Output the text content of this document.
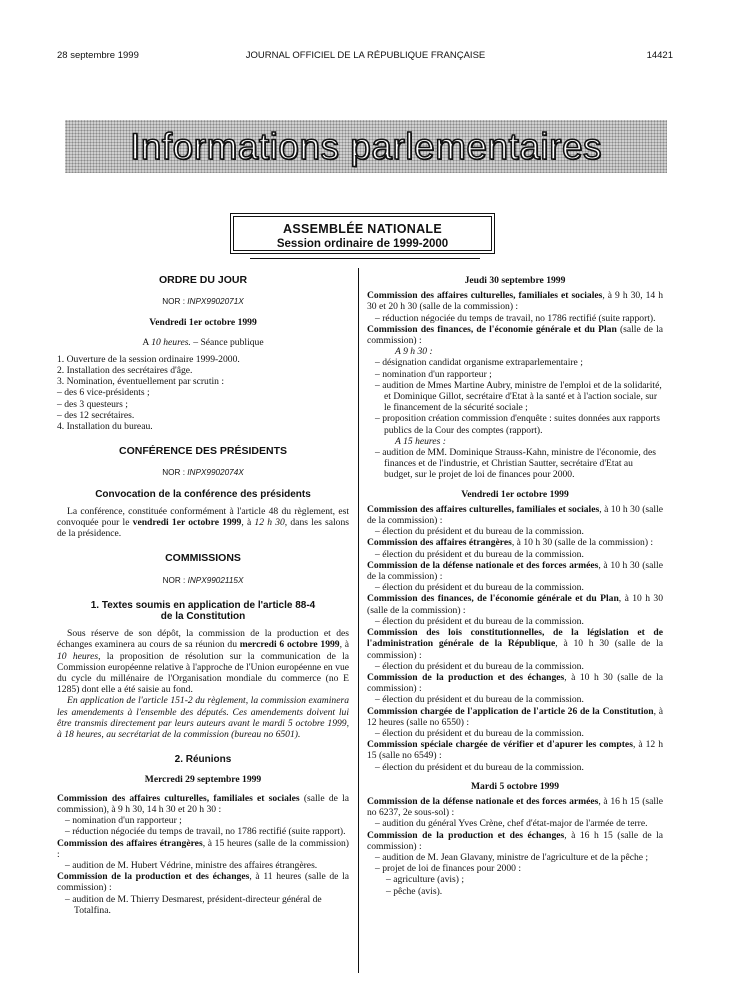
28 septembre 1999	JOURNAL OFFICIEL DE LA RÉPUBLIQUE FRANÇAISE	14421
Informations parlementaires
ASSEMBLÉE NATIONALE
Session ordinaire de 1999-2000

ORDRE DU JOUR

NOR : INPX9902071X

Vendredi 1er octobre 1999

A 10 heures. – Séance publique

1. Ouverture de la session ordinaire 1999-2000.

2. Installation des secrétaires d'âge.

3. Nomination, éventuellement par scrutin :

– des 6 vice-présidents ;

– des 3 questeurs ;

– des 12 secrétaires.

4. Installation du bureau.

CONFÉRENCE DES PRÉSIDENTS

NOR : INPX9902074X

Convocation de la conférence des présidents

La conférence, constituée conformément à l'article 48 du règlement, est convoquée pour le vendredi 1er octobre 1999, à 12 h 30, dans les salons de la présidence.

COMMISSIONS

NOR : INPX9902115X

1. Textes soumis en application de l'article 88-4

de la Constitution

Sous réserve de son dépôt, la commission de la production et des échanges examinera au cours de sa réunion du mercredi 6 octobre 1999, à 10 heures, la proposition de résolution sur la communication de la Commission européenne relative à l'approche de l'Union européenne en vue du cycle du millénaire de l'Organisation mondiale du commerce (no E 1285) dont elle a été saisie au fond.

En application de l'article 151-2 du règlement, la commission examinera les amendements à l'ensemble des députés. Ces amendements doivent lui être transmis directement par leurs auteurs avant le mardi 5 octobre 1999, à 18 heures, au secrétariat de la commission (bureau no 6501).

2. Réunions

Mercredi 29 septembre 1999

Commission des affaires culturelles, familiales et sociales (salle de la commission), à 9 h 30, 14 h 30 et 20 h 30 :

– nomination d'un rapporteur ;

– réduction négociée du temps de travail, no 1786 rectifié (suite rapport).

Commission des affaires étrangères, à 15 heures (salle de la commission) :

– audition de M. Hubert Védrine, ministre des affaires étrangères.

Commission de la production et des échanges, à 11 heures (salle de la commission) :

– audition de M. Thierry Desmarest, président-directeur général de Totalfina.

Jeudi 30 septembre 1999

Commission des affaires culturelles, familiales et sociales, à 9 h 30, 14 h 30 et 20 h 30 (salle de la commission) :

– réduction négociée du temps de travail, no 1786 rectifié (suite rapport).

Commission des finances, de l'économie générale et du Plan (salle de la commission) :

A 9 h 30 :

– désignation candidat organisme extraparlementaire ;

– nomination d'un rapporteur ;

– audition de Mmes Martine Aubry, ministre de l'emploi et de la solidarité, et Dominique Gillot, secrétaire d'Etat à la santé et à l'action sociale, sur le financement de la sécurité sociale ;

– proposition création commission d'enquête : suites données aux rapports publics de la Cour des comptes (rapport).

A 15 heures :

– audition de MM. Dominique Strauss-Kahn, ministre de l'économie, des finances et de l'industrie, et Christian Sautter, secrétaire d'Etat au budget, sur le projet de loi de finances pour 2000.

Vendredi 1er octobre 1999

Commission des affaires culturelles, familiales et sociales, à 10 h 30 (salle de la commission) :

– élection du président et du bureau de la commission.

Commission des affaires étrangères, à 10 h 30 (salle de la commission) :

– élection du président et du bureau de la commission.

Commission de la défense nationale et des forces armées, à 10 h 30 (salle de la commission) :

– élection du président et du bureau de la commission.

Commission des finances, de l'économie générale et du Plan, à 10 h 30 (salle de la commission) :

– élection du président et du bureau de la commission.

Commission des lois constitutionnelles, de la législation et de l'administration générale de la République, à 10 h 30 (salle de la commission) :

– élection du président et du bureau de la commission.

Commission de la production et des échanges, à 10 h 30 (salle de la commission) :

– élection du président et du bureau de la commission.

Commission chargée de l'application de l'article 26 de la Constitution, à 12 heures (salle no 6550) :

– élection du président et du bureau de la commission.

Commission spéciale chargée de vérifier et d'apurer les comptes, à 12 h 15 (salle no 6549) :

– élection du président et du bureau de la commission.

Mardi 5 octobre 1999

Commission de la défense nationale et des forces armées, à 16 h 15 (salle no 6237, 2e sous-sol) :

– audition du général Yves Crène, chef d'état-major de l'armée de terre.

Commission de la production et des échanges, à 16 h 15 (salle de la commission) :

– audition de M. Jean Glavany, ministre de l'agriculture et de la pêche ;

– projet de loi de finances pour 2000 :

– agriculture (avis) ;

– pêche (avis).
